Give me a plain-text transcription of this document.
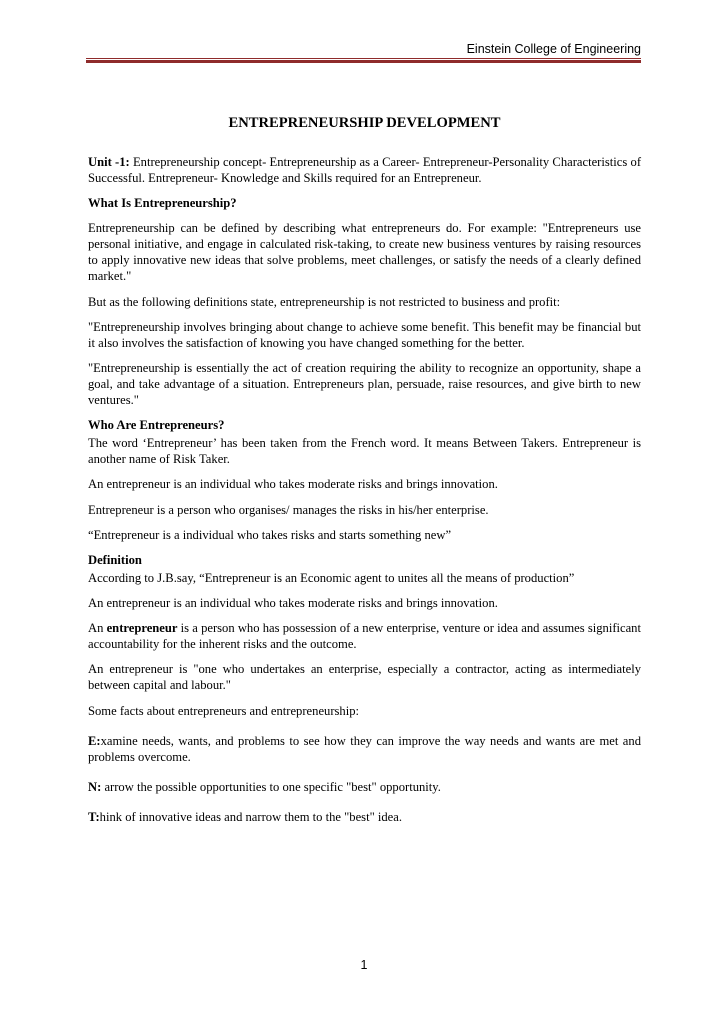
Einstein College of Engineering
ENTREPRENEURSHIP DEVELOPMENT

Unit -1: Entrepreneurship concept- Entrepreneurship as a Career- Entrepreneur-Personality Characteristics of Successful. Entrepreneur- Knowledge and Skills required for an Entrepreneur.

What Is Entrepreneurship?

Entrepreneurship can be defined by describing what entrepreneurs do. For example: "Entrepreneurs use personal initiative, and engage in calculated risk-taking, to create new business ventures by raising resources to apply innovative new ideas that solve problems, meet challenges, or satisfy the needs of a clearly defined market."

But as the following definitions state, entrepreneurship is not restricted to business and profit:

"Entrepreneurship involves bringing about change to achieve some benefit. This benefit may be financial but it also involves the satisfaction of knowing you have changed something for the better.

"Entrepreneurship is essentially the act of creation requiring the ability to recognize an opportunity, shape a goal, and take advantage of a situation. Entrepreneurs plan, persuade, raise resources, and give birth to new ventures."

Who Are Entrepreneurs?

The word ‘Entrepreneur’ has been taken from the French word. It means Between Takers. Entrepreneur is another name of Risk Taker.

An entrepreneur is an individual who takes moderate risks and brings innovation.

Entrepreneur is a person who organises/ manages the risks in his/her enterprise.

“Entrepreneur is a individual who takes risks and starts something new”

Definition

According to J.B.say, “Entrepreneur is an Economic agent to unites all the means of production”

An entrepreneur is an individual who takes moderate risks and brings innovation.

An entrepreneur is a person who has possession of a new enterprise, venture or idea and assumes significant accountability for the inherent risks and the outcome.

An entrepreneur is "one who undertakes an enterprise, especially a contractor, acting as intermediately between capital and labour."

Some facts about entrepreneurs and entrepreneurship:

E:xamine needs, wants, and problems to see how they can improve the way needs and wants are met and problems overcome.

N: arrow the possible opportunities to one specific "best" opportunity.

T:hink of innovative ideas and narrow them to the "best" idea.

1
